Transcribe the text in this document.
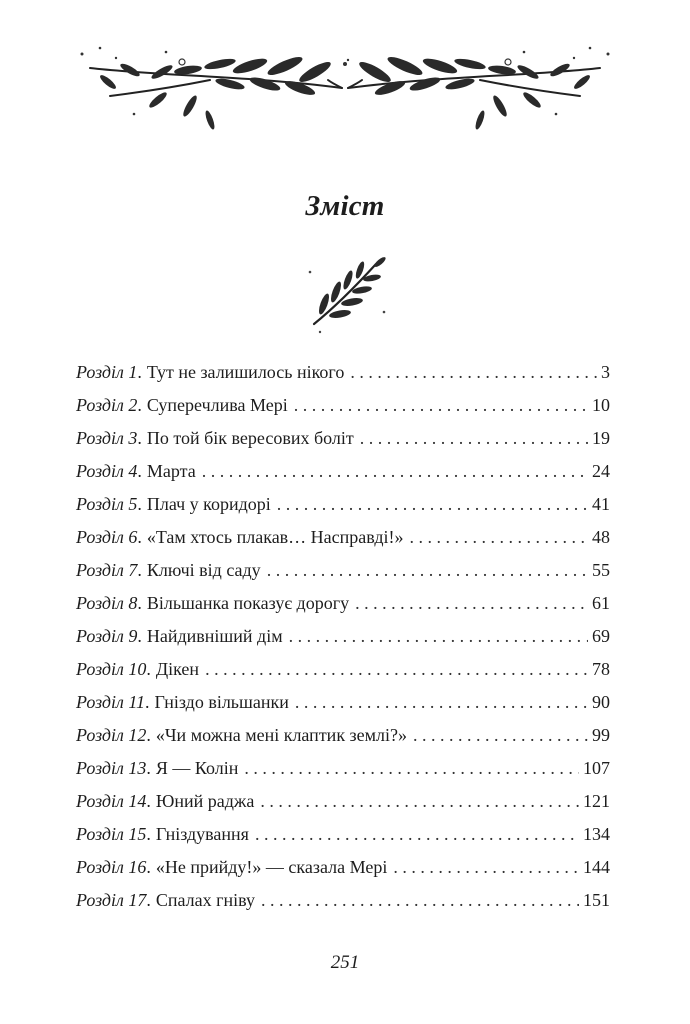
Зміст
Розділ 1 . Тут не залишилось нікого . . .	3
Розділ 2 . Суперечлива Мері . . .	10
Розділ 3 . По той бік вересових боліт . . .	19
Розділ 4 . Марта . . .	24
Розділ 5 . Плач у коридорі . . .	41
Розділ 6 . «Там хтось плакав… Насправді!» . . .	48
Розділ 7 . Ключі від саду . . .	55
Розділ 8 . Вільшанка показує дорогу . . .	61
Розділ 9 . Найдивніший дім . . .	69
Розділ 10 . Дікен . . .	78
Розділ 11 . Гніздо вільшанки . . .	90
Розділ 12 . «Чи можна мені клаптик землі?» . . .	99
Розділ 13 . Я — Колін . . .	107
Розділ 14 . Юний раджа . . .	121
Розділ 15 . Гніздування . . .	134
Розділ 16 . «Не прийду!» — сказала Мері . . .	144
Розділ 17 . Спалах гніву . . .	151
251
